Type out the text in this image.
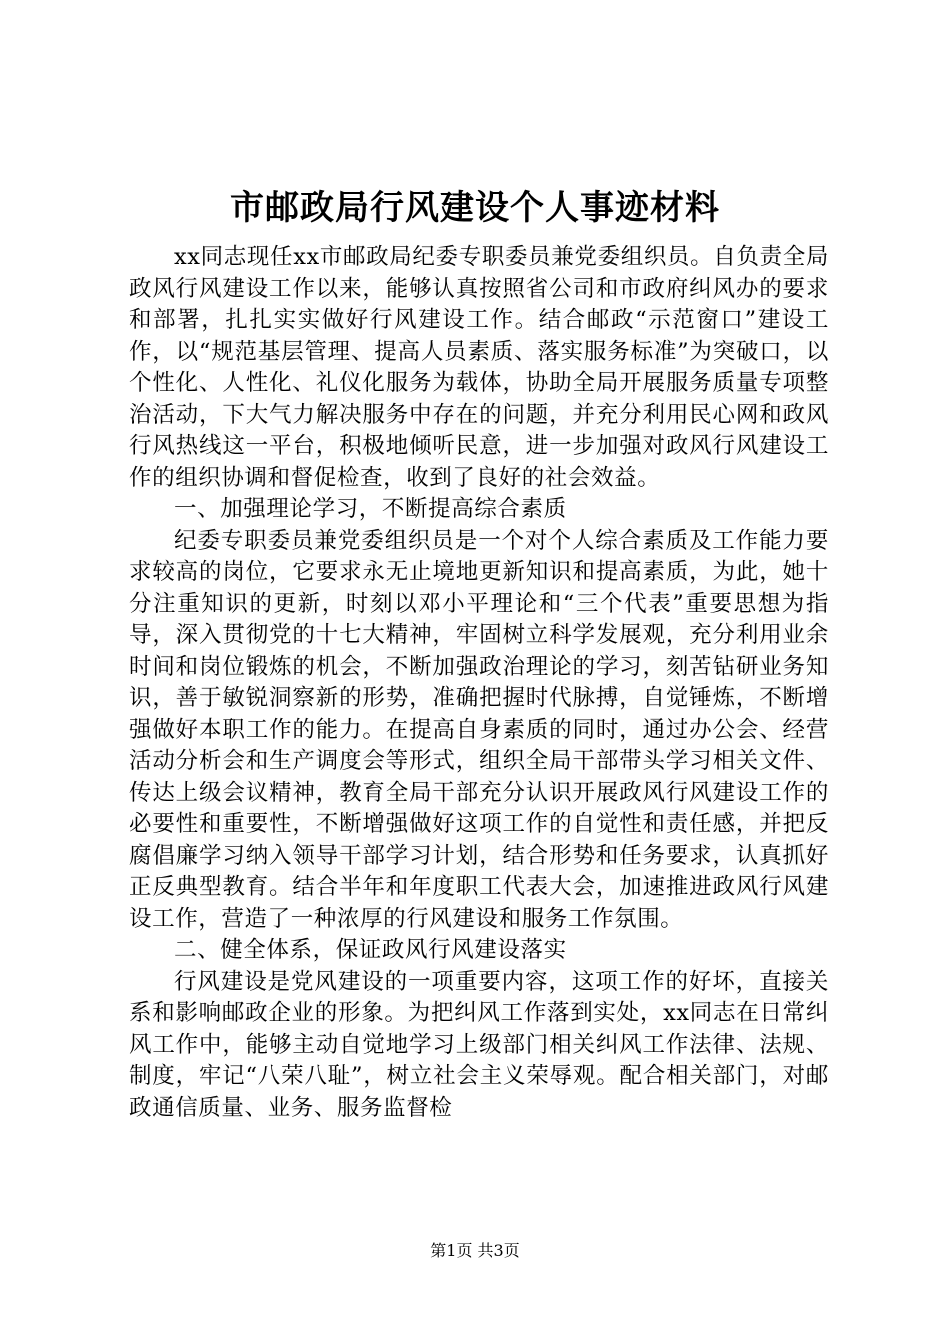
市邮政局行风建设个人事迹材料

xx同志现任xx市邮政局纪委专职委员兼党委组织员。自负责全局政风行风建设工作以来，能够认真按照省公司和市政府纠风办的要求和部署，扎扎实实做好行风建设工作。结合邮政“示范窗口”建设工作，以“规范基层管理、提高人员素质、落实服务标准”为突破口，以个性化、人性化、礼仪化服务为载体，协助全局开展服务质量专项整治活动，下大气力解决服务中存在的问题，并充分利用民心网和政风行风热线这一平台，积极地倾听民意，进一步加强对政风行风建设工作的组织协调和督促检查，收到了良好的社会效益。

一、加强理论学习，不断提高综合素质

纪委专职委员兼党委组织员是一个对个人综合素质及工作能力要求较高的岗位，它要求永无止境地更新知识和提高素质，为此，她十分注重知识的更新，时刻以邓小平理论和“三个代表”重要思想为指导，深入贯彻党的十七大精神，牢固树立科学发展观，充分利用业余时间和岗位锻炼的机会，不断加强政治理论的学习，刻苦钻研业务知识，善于敏锐洞察新的形势，准确把握时代脉搏，自觉锤炼，不断增强做好本职工作的能力。在提高自身素质的同时，通过办公会、经营活动分析会和生产调度会等形式，组织全局干部带头学习相关文件、传达上级会议精神，教育全局干部充分认识开展政风行风建设工作的必要性和重要性，不断增强做好这项工作的自觉性和责任感，并把反腐倡廉学习纳入领导干部学习计划，结合形势和任务要求，认真抓好正反典型教育。结合半年和年度职工代表大会，加速推进政风行风建设工作，营造了一种浓厚的行风建设和服务工作氛围。

二、健全体系，保证政风行风建设落实

行风建设是党风建设的一项重要内容，这项工作的好坏，直接关系和影响邮政企业的形象。为把纠风工作落到实处，xx同志在日常纠风工作中，能够主动自觉地学习上级部门相关纠风工作法律、法规、制度，牢记“八荣八耻”，树立社会主义荣辱观。配合相关部门，对邮政通信质量、业务、服务监督检

第1页 共3页
